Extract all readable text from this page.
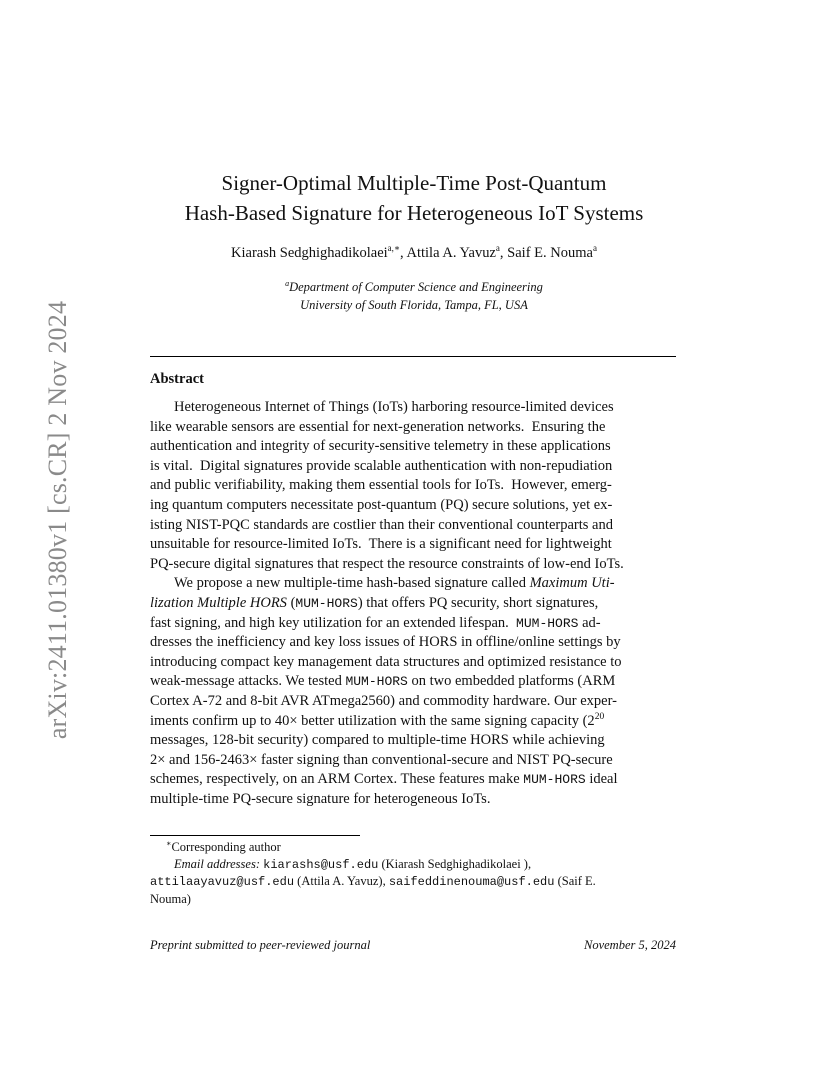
arXiv:2411.01380v1 [cs.CR] 2 Nov 2024
Signer-Optimal Multiple-Time Post-Quantum
Hash-Based Signature for Heterogeneous IoT Systems
Kiarash Sedghighadikolaei$^{a,∗}$, Attila A. Yavuz$^a$, Saif E. Nouma$^a$
$^a$Department of Computer Science and Engineering
University of South Florida, Tampa, FL, USA
Abstract
Heterogeneous Internet of Things (IoTs) harboring resource-limited devices
like wearable sensors are essential for next-generation networks.  Ensuring the
authentication and integrity of security-sensitive telemetry in these applications
is vital.  Digital signatures provide scalable authentication with non-repudiation
and public verifiability, making them essential tools for IoTs.  However, emerg-
ing quantum computers necessitate post-quantum (PQ) secure solutions, yet ex-
isting NIST-PQC standards are costlier than their conventional counterparts and
unsuitable for resource-limited IoTs.  There is a significant need for lightweight
PQ-secure digital signatures that respect the resource constraints of low-end IoTs.
We propose a new multiple-time hash-based signature called Maximum Uti-
lization Multiple HORS (MUM-HORS) that offers PQ security, short signatures,
fast signing, and high key utilization for an extended lifespan.  MUM-HORS ad-
dresses the inefficiency and key loss issues of HORS in offline/online settings by
introducing compact key management data structures and optimized resistance to
weak-message attacks. We tested MUM-HORS on two embedded platforms (ARM
Cortex A-72 and 8-bit AVR ATmega2560) and commodity hardware. Our exper-
iments confirm up to 40× better utilization with the same signing capacity ($2^{20}$
messages, 128-bit security) compared to multiple-time HORS while achieving
2× and 156-2463× faster signing than conventional-secure and NIST PQ-secure
schemes, respectively, on an ARM Cortex. These features make MUM-HORS ideal
multiple-time PQ-secure signature for heterogeneous IoTs.
∗Corresponding author
Email addresses: kiarashs@usf.edu (Kiarash Sedghighadikolaei ),
attilaayavuz@usf.edu (Attila A. Yavuz), saifeddinenouma@usf.edu (Saif E.
Nouma)
Preprint submitted to peer-reviewed journal	November 5, 2024
